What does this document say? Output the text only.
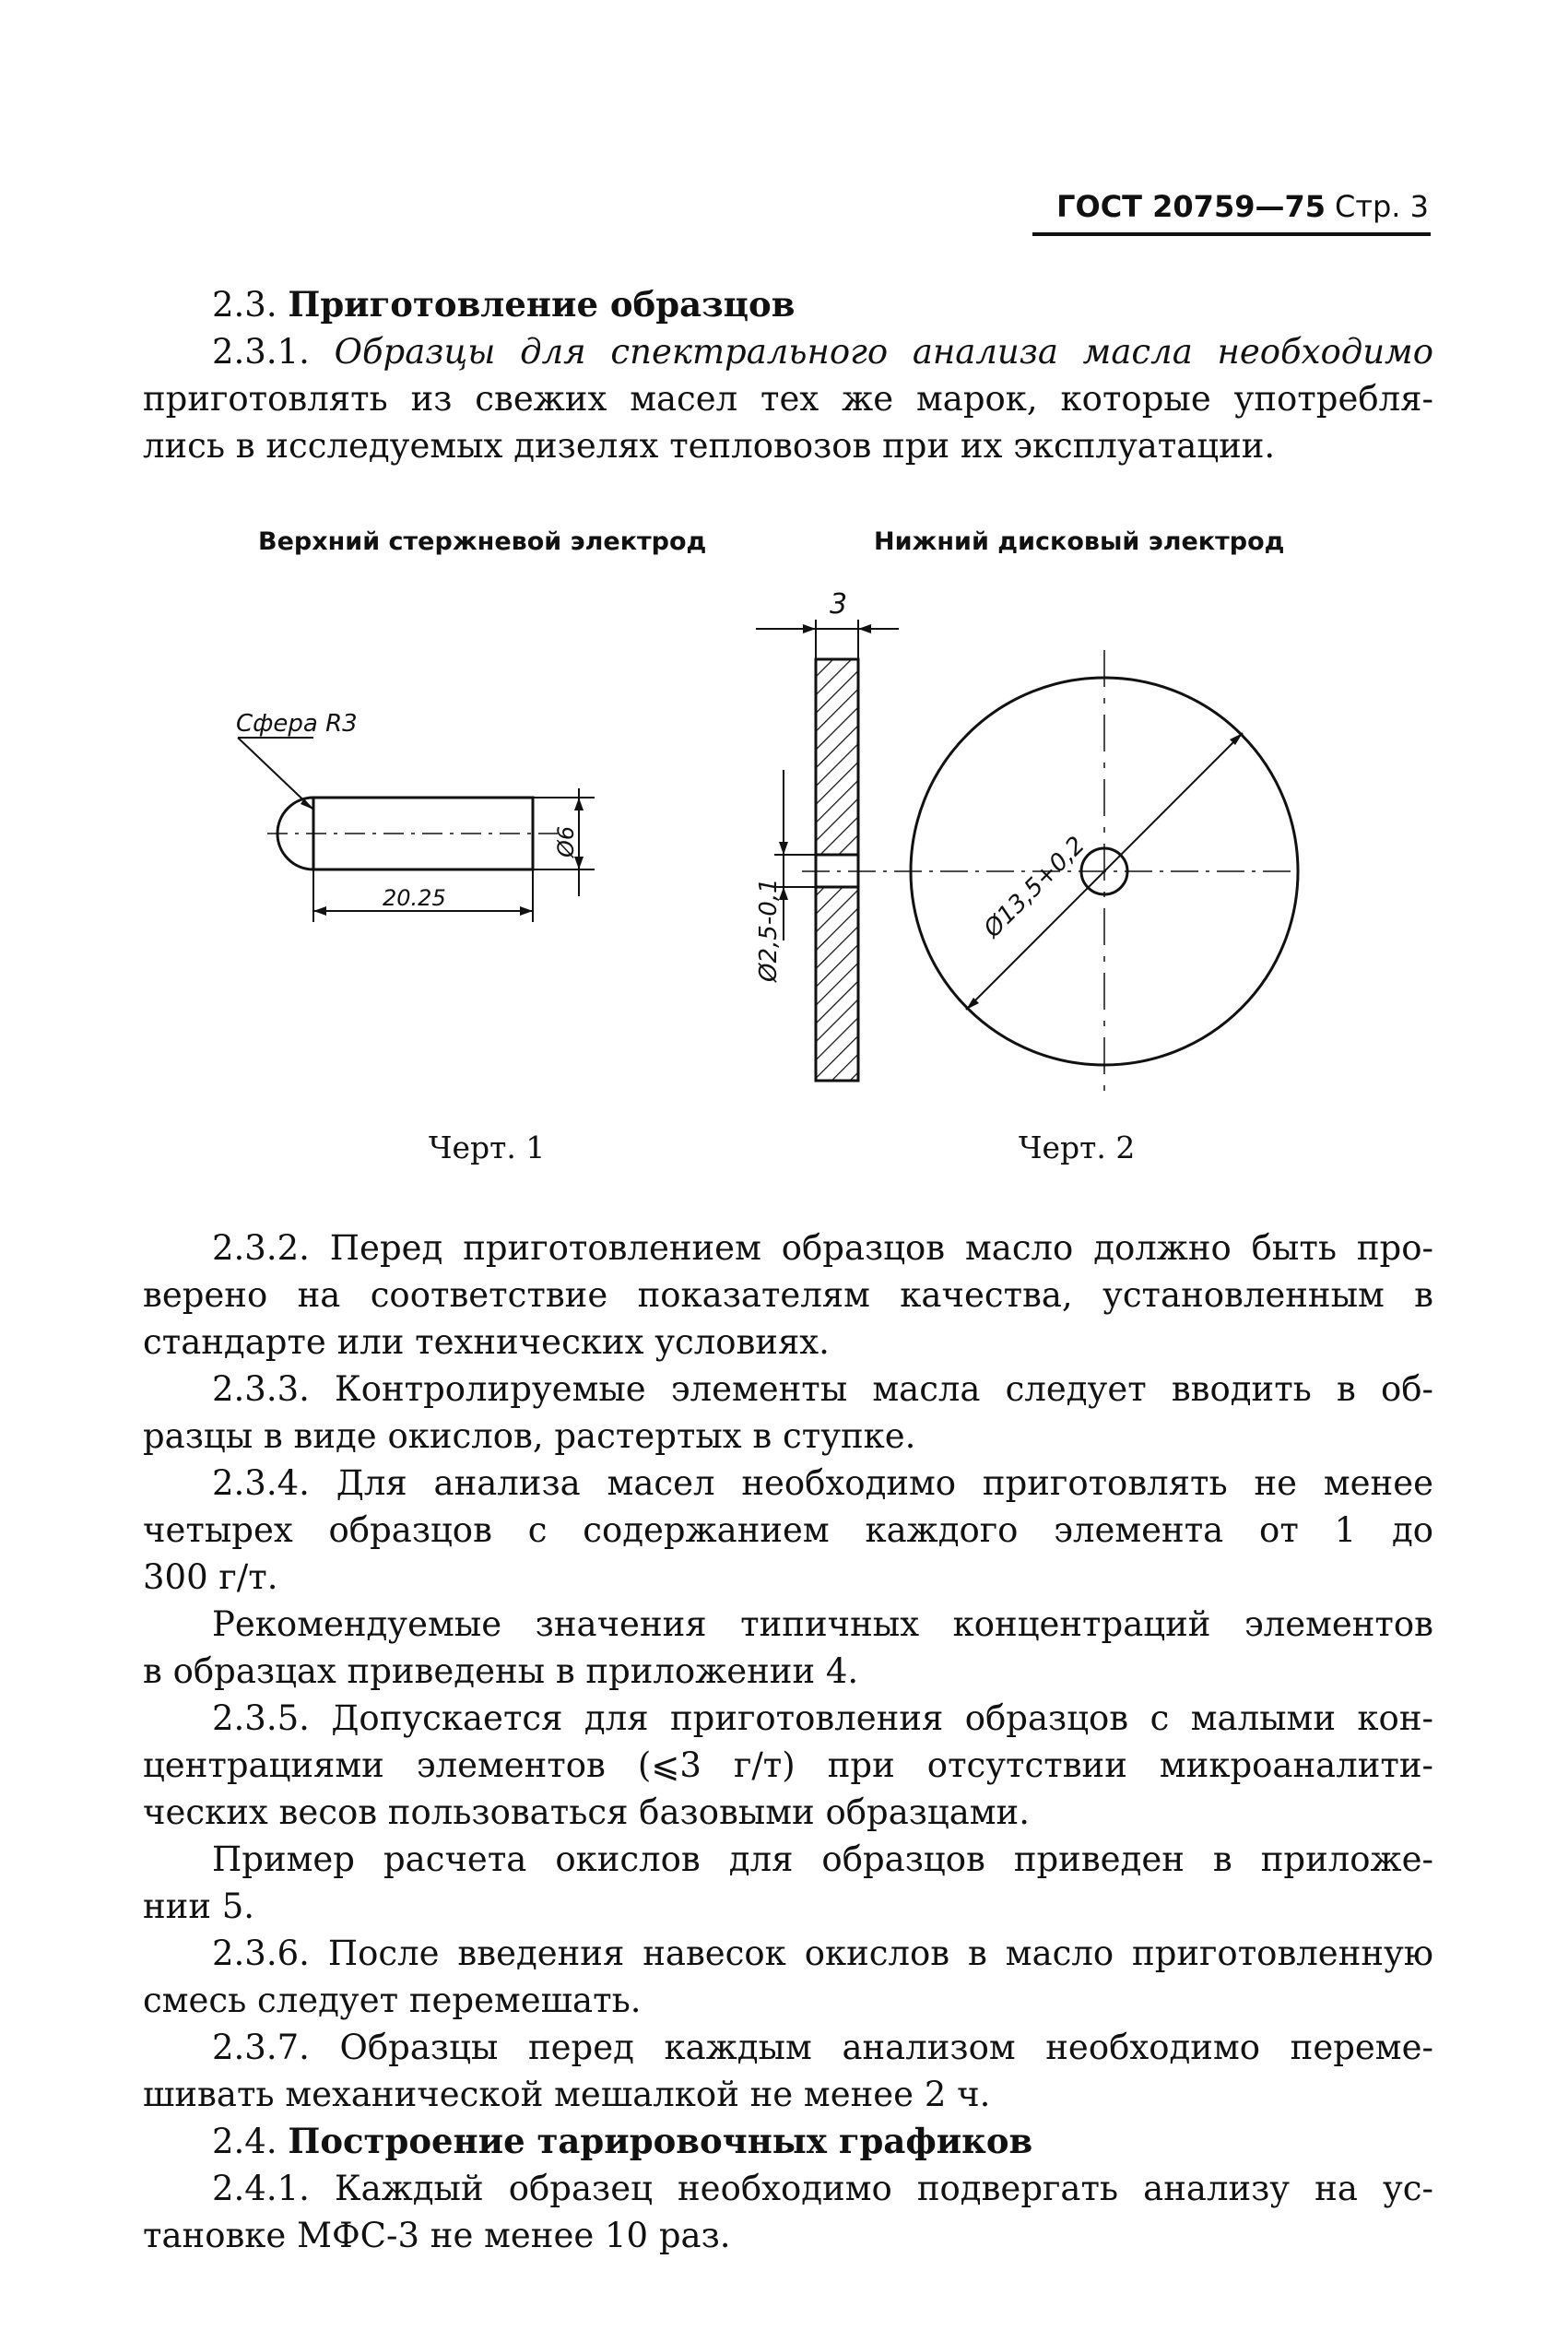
ГОСТ 20759—75 Стр. 3
2.3. Приготовление образцов
2.3.1. Образцы для спектрального анализа масла необходимо
приготовлять из свежих масел тех же марок, которые употребля-
лись в исследуемых дизелях тепловозов при их эксплуатации.
Верхний стержневой электрод	Нижний дисковый электрод
Сфера R3
20.25
Ø6
3
Ø2,5-0,1	Ø13,5+0,2
Черт. 1	Черт. 2
2.3.2. Перед приготовлением образцов масло должно быть про-
верено на соответствие показателям качества, установленным в
стандарте или технических условиях.
2.3.3. Контролируемые элементы масла следует вводить в об-
разцы в виде окислов, растертых в ступке.
2.3.4. Для анализа масел необходимо приготовлять не менее
четырех образцов с содержанием каждого элемента от 1 до
300 г/т.
Рекомендуемые значения типичных концентраций элементов
в образцах приведены в приложении 4.
2.3.5. Допускается для приготовления образцов с малыми кон-
центрациями элементов (⩽3 г/т) при отсутствии микроаналити-
ческих весов пользоваться базовыми образцами.
Пример расчета окислов для образцов приведен в приложе-
нии 5.
2.3.6. После введения навесок окислов в масло приготовленную
смесь следует перемешать.
2.3.7. Образцы перед каждым анализом необходимо переме-
шивать механической мешалкой не менее 2 ч.
2.4. Построение тарировочных графиков
2.4.1. Каждый образец необходимо подвергать анализу на ус-
тановке МФС-3 не менее 10 раз.
